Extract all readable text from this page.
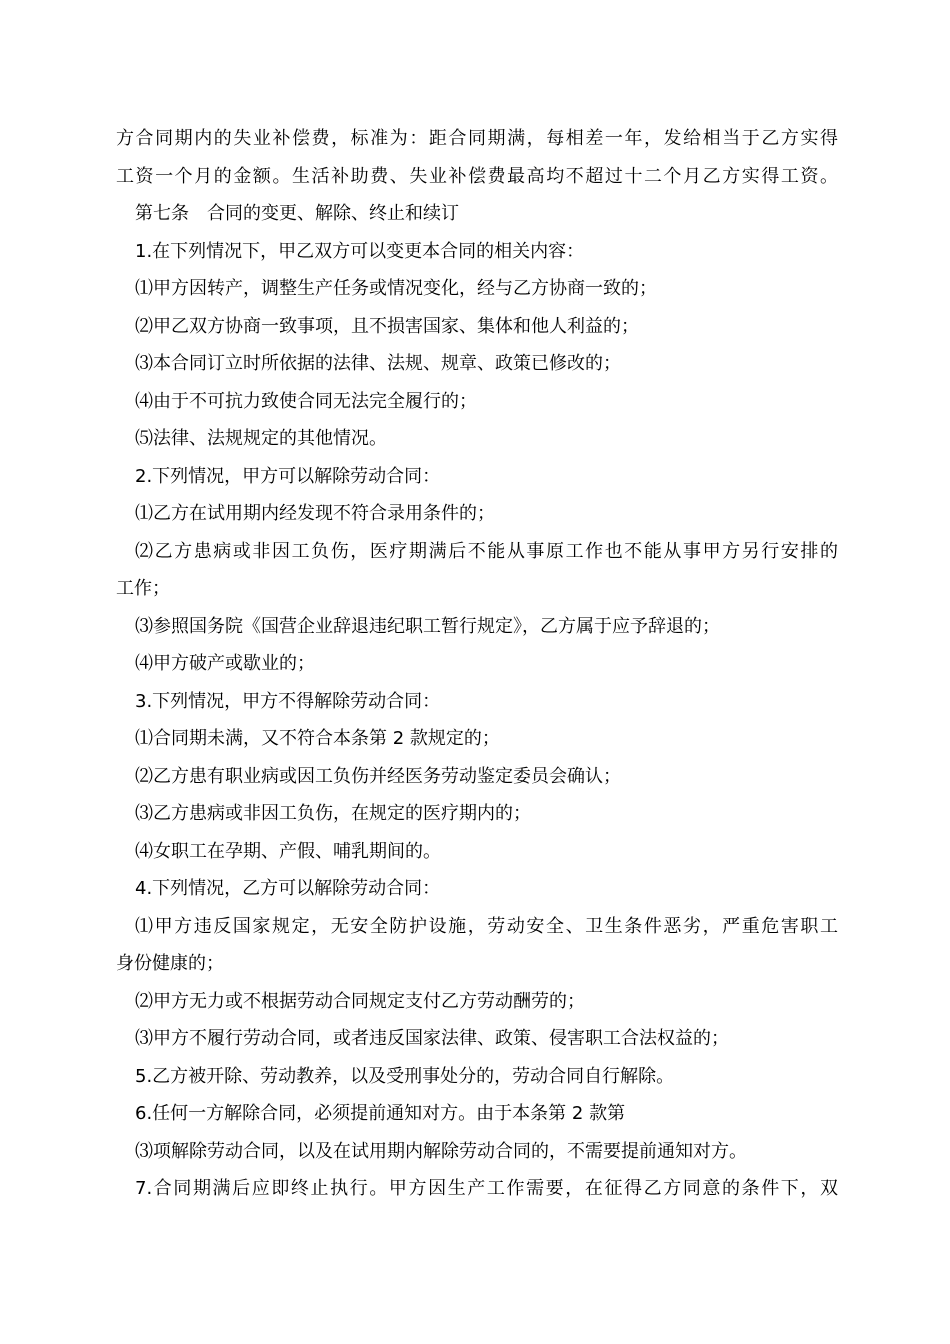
方合同期内的失业补偿费，标准为：距合同期满，每相差一年，发给相当于乙方实得
工资一个月的金额。生活补助费、失业补偿费最高均不超过十二个月乙方实得工资。
第七条　合同的变更、解除、终止和续订
1.在下列情况下，甲乙双方可以变更本合同的相关内容：
⑴甲方因转产，调整生产任务或情况变化，经与乙方协商一致的；
⑵甲乙双方协商一致事项，且不损害国家、集体和他人利益的；
⑶本合同订立时所依据的法律、法规、规章、政策已修改的；
⑷由于不可抗力致使合同无法完全履行的；
⑸法律、法规规定的其他情况。
2.下列情况，甲方可以解除劳动合同：
⑴乙方在试用期内经发现不符合录用条件的；
⑵乙方患病或非因工负伤，医疗期满后不能从事原工作也不能从事甲方另行安排的
工作；
⑶参照国务院《国营企业辞退违纪职工暂行规定》，乙方属于应予辞退的；
⑷甲方破产或歇业的；
3.下列情况，甲方不得解除劳动合同：
⑴合同期未满，又不符合本条第 2 款规定的；
⑵乙方患有职业病或因工负伤并经医务劳动鉴定委员会确认；
⑶乙方患病或非因工负伤，在规定的医疗期内的；
⑷女职工在孕期、产假、哺乳期间的。
4.下列情况，乙方可以解除劳动合同：
⑴甲方违反国家规定，无安全防护设施，劳动安全、卫生条件恶劣，严重危害职工
身份健康的；
⑵甲方无力或不根据劳动合同规定支付乙方劳动酬劳的；
⑶甲方不履行劳动合同，或者违反国家法律、政策、侵害职工合法权益的；
5.乙方被开除、劳动教养，以及受刑事处分的，劳动合同自行解除。
6.任何一方解除合同，必须提前通知对方。由于本条第 2 款第
⑶项解除劳动合同，以及在试用期内解除劳动合同的，不需要提前通知对方。
7.合同期满后应即终止执行。甲方因生产工作需要，在征得乙方同意的条件下，双
